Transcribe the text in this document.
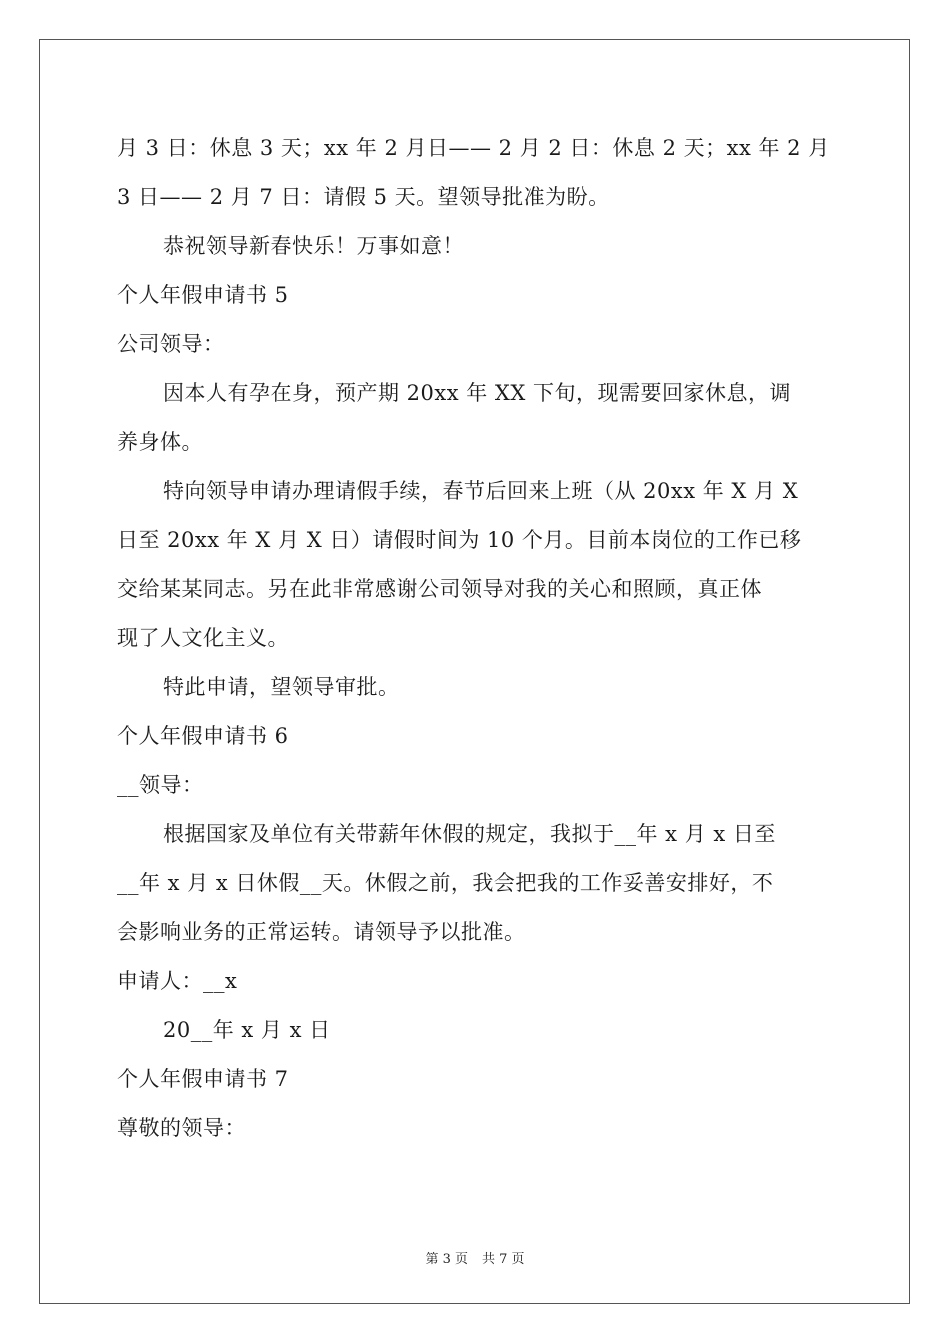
月 3 日：休息 3 天；xx 年 2 月日—— 2 月 2 日：休息 2 天；xx 年 2 月
3 日—— 2 月 7 日：请假 5 天。望领导批准为盼。
恭祝领导新春快乐！万事如意！
个人年假申请书 5
公司领导：
因本人有孕在身，预产期 20xx 年 XX 下旬，现需要回家休息，调
养身体。
特向领导申请办理请假手续，春节后回来上班（从 20xx 年 X 月 X
日至 20xx 年 X 月 X 日）请假时间为 10 个月。目前本岗位的工作已移
交给某某同志。另在此非常感谢公司领导对我的关心和照顾，真正体
现了人文化主义。
特此申请，望领导审批。
个人年假申请书 6
__领导：
根据国家及单位有关带薪年休假的规定，我拟于__年 x 月 x 日至
__年 x 月 x 日休假__天。休假之前，我会把我的工作妥善安排好，不
会影响业务的正常运转。请领导予以批准。
申请人：__x
20__年 x 月 x 日
个人年假申请书 7
尊敬的领导：
第 3 页 共 7 页
